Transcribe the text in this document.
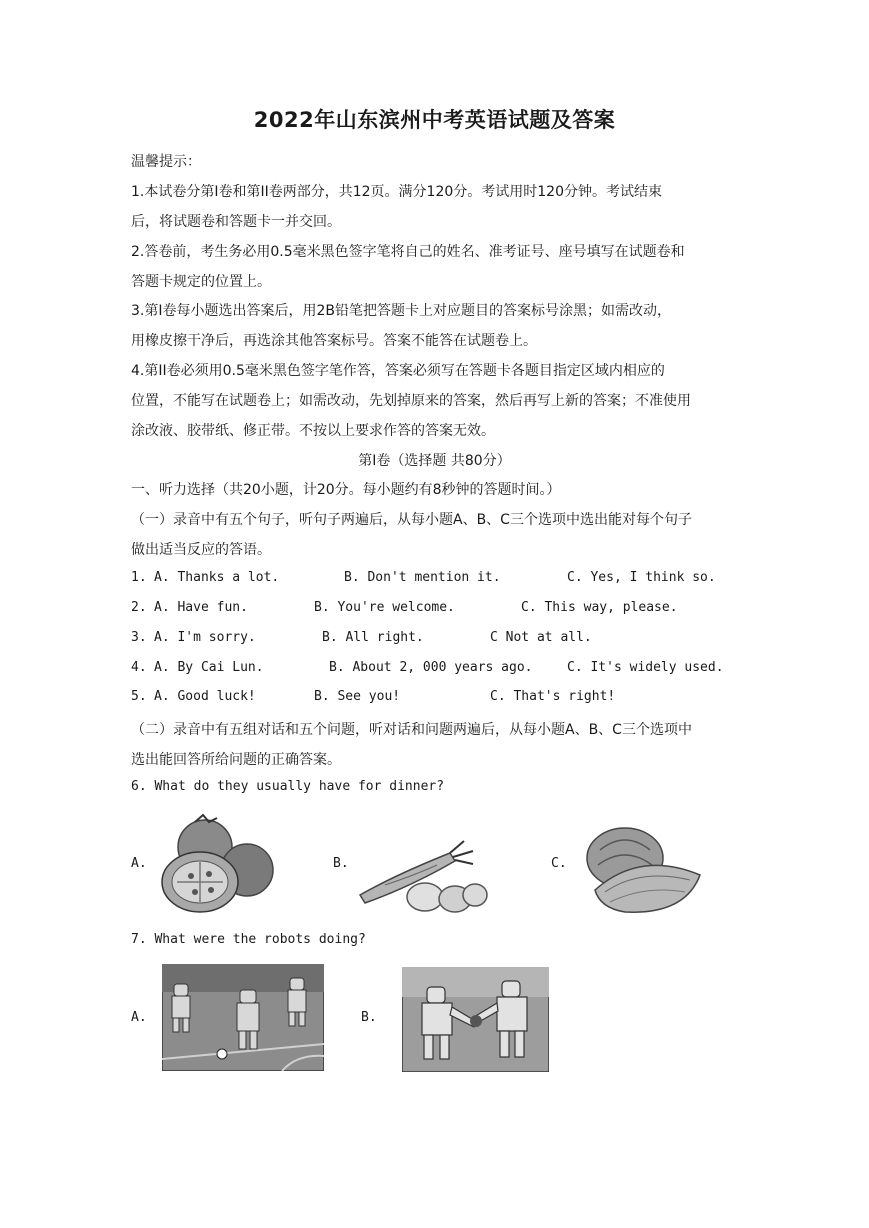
2022年山东滨州中考英语试题及答案
温馨提示：
1.本试卷分第Ⅰ卷和第II卷两部分，共12页。满分120分。考试用时120分钟。考试结束
后，将试题卷和答题卡一并交回。
2.答卷前，考生务必用0.5毫米黑色签字笔将自己的姓名、准考证号、座号填写在试题卷和
答题卡规定的位置上。
3.第Ⅰ卷每小题选出答案后，用2B铅笔把答题卡上对应题目的答案标号涂黑；如需改动，
用橡皮擦干净后，再选涂其他答案标号。答案不能答在试题卷上。
4.第II卷必须用0.5毫米黑色签字笔作答，答案必须写在答题卡各题目指定区域内相应的
位置，不能写在试题卷上；如需改动，先划掉原来的答案，然后再写上新的答案；不准使用
涂改液、胶带纸、修正带。不按以上要求作答的答案无效。
第Ⅰ卷（选择题 共80分）
一、听力选择（共20小题，计20分。每小题约有8秒钟的答题时间。）
（一）录音中有五个句子，听句子两遍后，从每小题A、B、C三个选项中选出能对每个句子
做出适当反应的答语。
1. A. Thanks a lot.	B. Don't mention it.	C. Yes, I think so.
2. A. Have fun.	B. You're welcome.	C. This way, please.
3. A. I'm sorry.	B. All right.	C Not at all.
4. A. By Cai Lun.	B. About 2, 000 years ago.	C. It's widely used.
5. A. Good luck!	B. See you!	C. That's right!
（二）录音中有五组对话和五个问题，听对话和问题两遍后，从每小题A、B、C三个选项中
选出能回答所给问题的正确答案。
6. What do they usually have for dinner?
A.	B.	C.
7. What were the robots doing?
A.	B.
